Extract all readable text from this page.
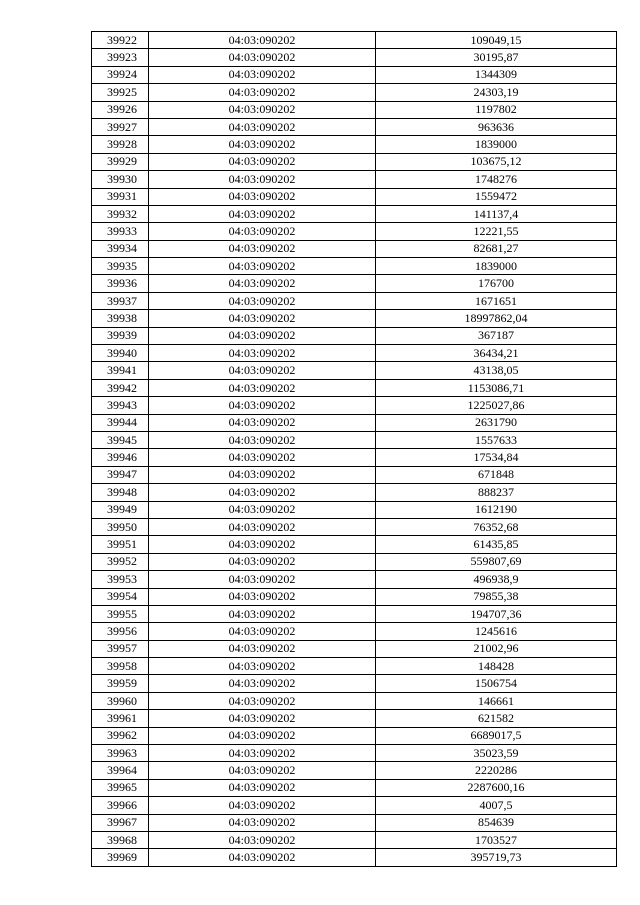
39922	04:03:090202	109049,15
39923	04:03:090202	30195,87
39924	04:03:090202	1344309
39925	04:03:090202	24303,19
39926	04:03:090202	1197802
39927	04:03:090202	963636
39928	04:03:090202	1839000
39929	04:03:090202	103675,12
39930	04:03:090202	1748276
39931	04:03:090202	1559472
39932	04:03:090202	141137,4
39933	04:03:090202	12221,55
39934	04:03:090202	82681,27
39935	04:03:090202	1839000
39936	04:03:090202	176700
39937	04:03:090202	1671651
39938	04:03:090202	18997862,04
39939	04:03:090202	367187
39940	04:03:090202	36434,21
39941	04:03:090202	43138,05
39942	04:03:090202	1153086,71
39943	04:03:090202	1225027,86
39944	04:03:090202	2631790
39945	04:03:090202	1557633
39946	04:03:090202	17534,84
39947	04:03:090202	671848
39948	04:03:090202	888237
39949	04:03:090202	1612190
39950	04:03:090202	76352,68
39951	04:03:090202	61435,85
39952	04:03:090202	559807,69
39953	04:03:090202	496938,9
39954	04:03:090202	79855,38
39955	04:03:090202	194707,36
39956	04:03:090202	1245616
39957	04:03:090202	21002,96
39958	04:03:090202	148428
39959	04:03:090202	1506754
39960	04:03:090202	146661
39961	04:03:090202	621582
39962	04:03:090202	6689017,5
39963	04:03:090202	35023,59
39964	04:03:090202	2220286
39965	04:03:090202	2287600,16
39966	04:03:090202	4007,5
39967	04:03:090202	854639
39968	04:03:090202	1703527
39969	04:03:090202	395719,73
